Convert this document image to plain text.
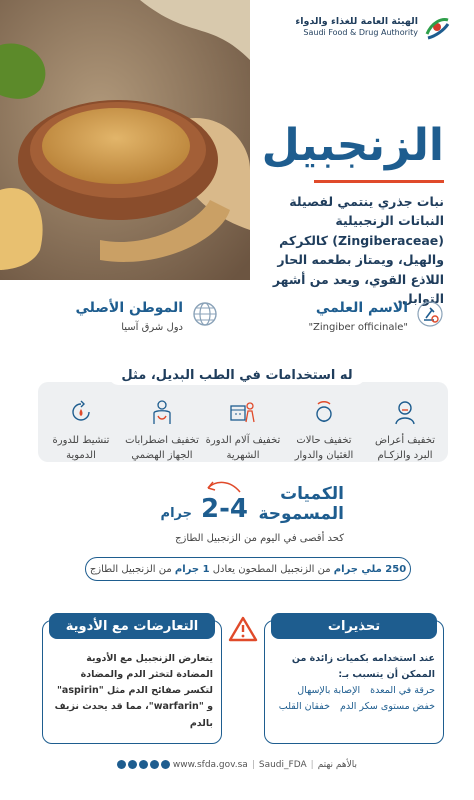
الهيئة العامة للغذاء والدواء
Saudi Food & Drug Authority
الزنجبيل
نبات جذري ينتمي لفصيلة النباتات الزنجبيلية (Zingiberaceae) كالكركم والهيل، ويمتاز بطعمه الحار اللاذع القوي، ويعد من أشهر التوابل.
الاسم العلمي
"Zingiber officinale"
الموطن الأصلي
دول شرق آسيا
له استخدامات في الطب البديل، مثل
تخفيف أعراض البرد والزكـام
تخفيف حالات الغثيان والدوار
تخفيف آلام الدورة الشهرية
تخفيف اضطرابات الجهاز الهضمي
تنشيط للدورة الدموية
الكميات
المسموحة
2-4
جرام
كحد أقصى في اليوم من الزنجبيل الطازج
250 ملي جرام

من الزنجبيل المطحون يعادل

1 جرام

من الزنجبيل الطازج
تحذيرات
عند استخدامه بكميات زائدة من الممكن أن يتسبب بـ:
حرقة في المعدة
الإصابة بالإسهال
خفض مستوى سكر الدم
خفقان القلب
التعارضات مع الأدوية
يتعارض الزنجبيل مع الأدوية المضادة لتخثر الدم والمضادة لتكسر صفائح الدم مثل "aspirin" و "warfarin"، مما قد يحدث نزيف بالدم
بالأهم نهتم|www.sfda.gov.sa | Saudi_FDA
